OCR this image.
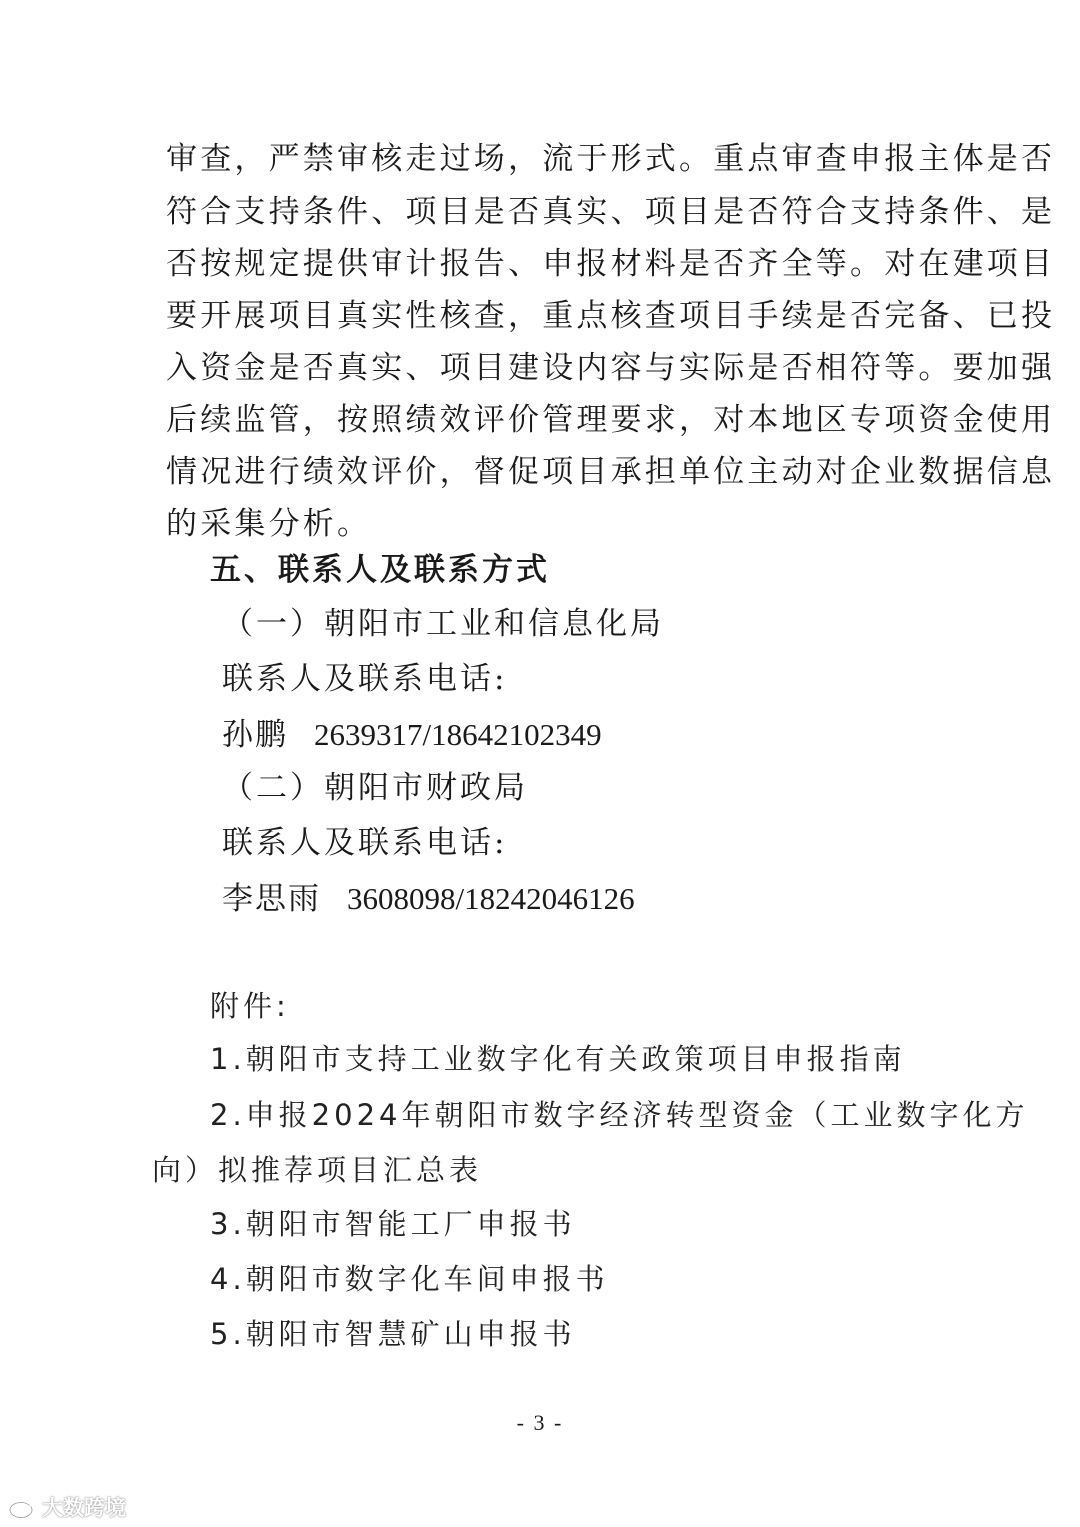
审查，严禁审核走过场，流于形式。重点审查申报主体是否

符合支持条件、项目是否真实、项目是否符合支持条件、是

否按规定提供审计报告、申报材料是否齐全等。对在建项目

要开展项目真实性核查，重点核查项目手续是否完备、已投

入资金是否真实、项目建设内容与实际是否相符等。要加强

后续监管，按照绩效评价管理要求，对本地区专项资金使用

情况进行绩效评价，督促项目承担单位主动对企业数据信息

的采集分析。

五、联系人及联系方式

（一）朝阳市工业和信息化局

联系人及联系电话:

孙鹏 2639317/18642102349

（二）朝阳市财政局

联系人及联系电话:

李思雨 3608098/18242046126

附件:

1.朝阳市支持工业数字化有关政策项目申报指南

2.申报2024年朝阳市数字经济转型资金（工业数字化方

向）拟推荐项目汇总表

3.朝阳市智能工厂申报书

4.朝阳市数字化车间申报书

5.朝阳市智慧矿山申报书

- 3 -
大数跨境
